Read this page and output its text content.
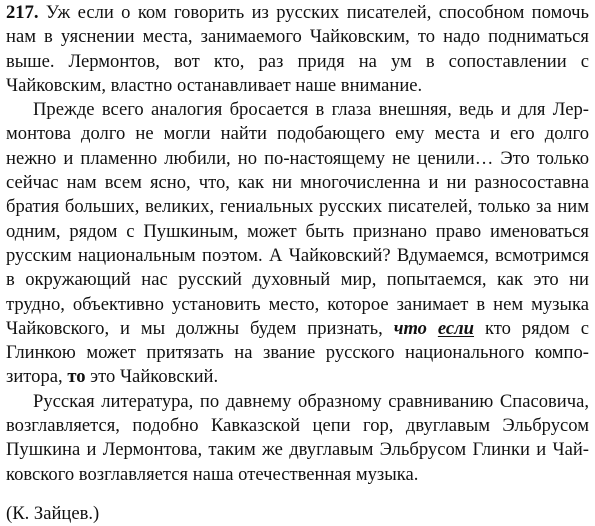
217. Уж если о ком говорить из русских писателей, способном помочь нам в уяснении места, занимаемого Чайковским, то надо подниматься выше. Лермонтов, вот кто, раз придя на ум в сопоставлении с Чайковским, властно останавливает наше внимание.

Прежде всего аналогия бросается в глаза внешняя, ведь и для Лермонтова долго не могли найти подобающего ему места и его долго нежно и пламенно любили, но по-настоящему не ценили… Это только сейчас нам всем ясно, что, как ни многочисленна и ни разносоставна братия больших, великих, гениальных русских писателей, только за ним одним, рядом с Пушкиным, может быть признано право именоваться русским национальным поэтом. А Чайковский? Вдумаемся, всмотримся в окружающий нас русский духовный мир, попытаемся, как это ни трудно, объективно установить место, которое занимает в нем музыка Чайковского, и мы должны будем признать, что если кто рядом с Глинкою может притязать на звание русского национального композитора, то это Чайковский.

Русская литература, по давнему образному сравниванию Спасовича, возглавляется, подобно Кавказской цепи гор, двуглавым Эльбрусом Пушкина и Лермонтова, таким же двуглавым Эльбрусом Глинки и Чайковского возглавляется наша отечественная музыка.

(К. Зайцев.)
